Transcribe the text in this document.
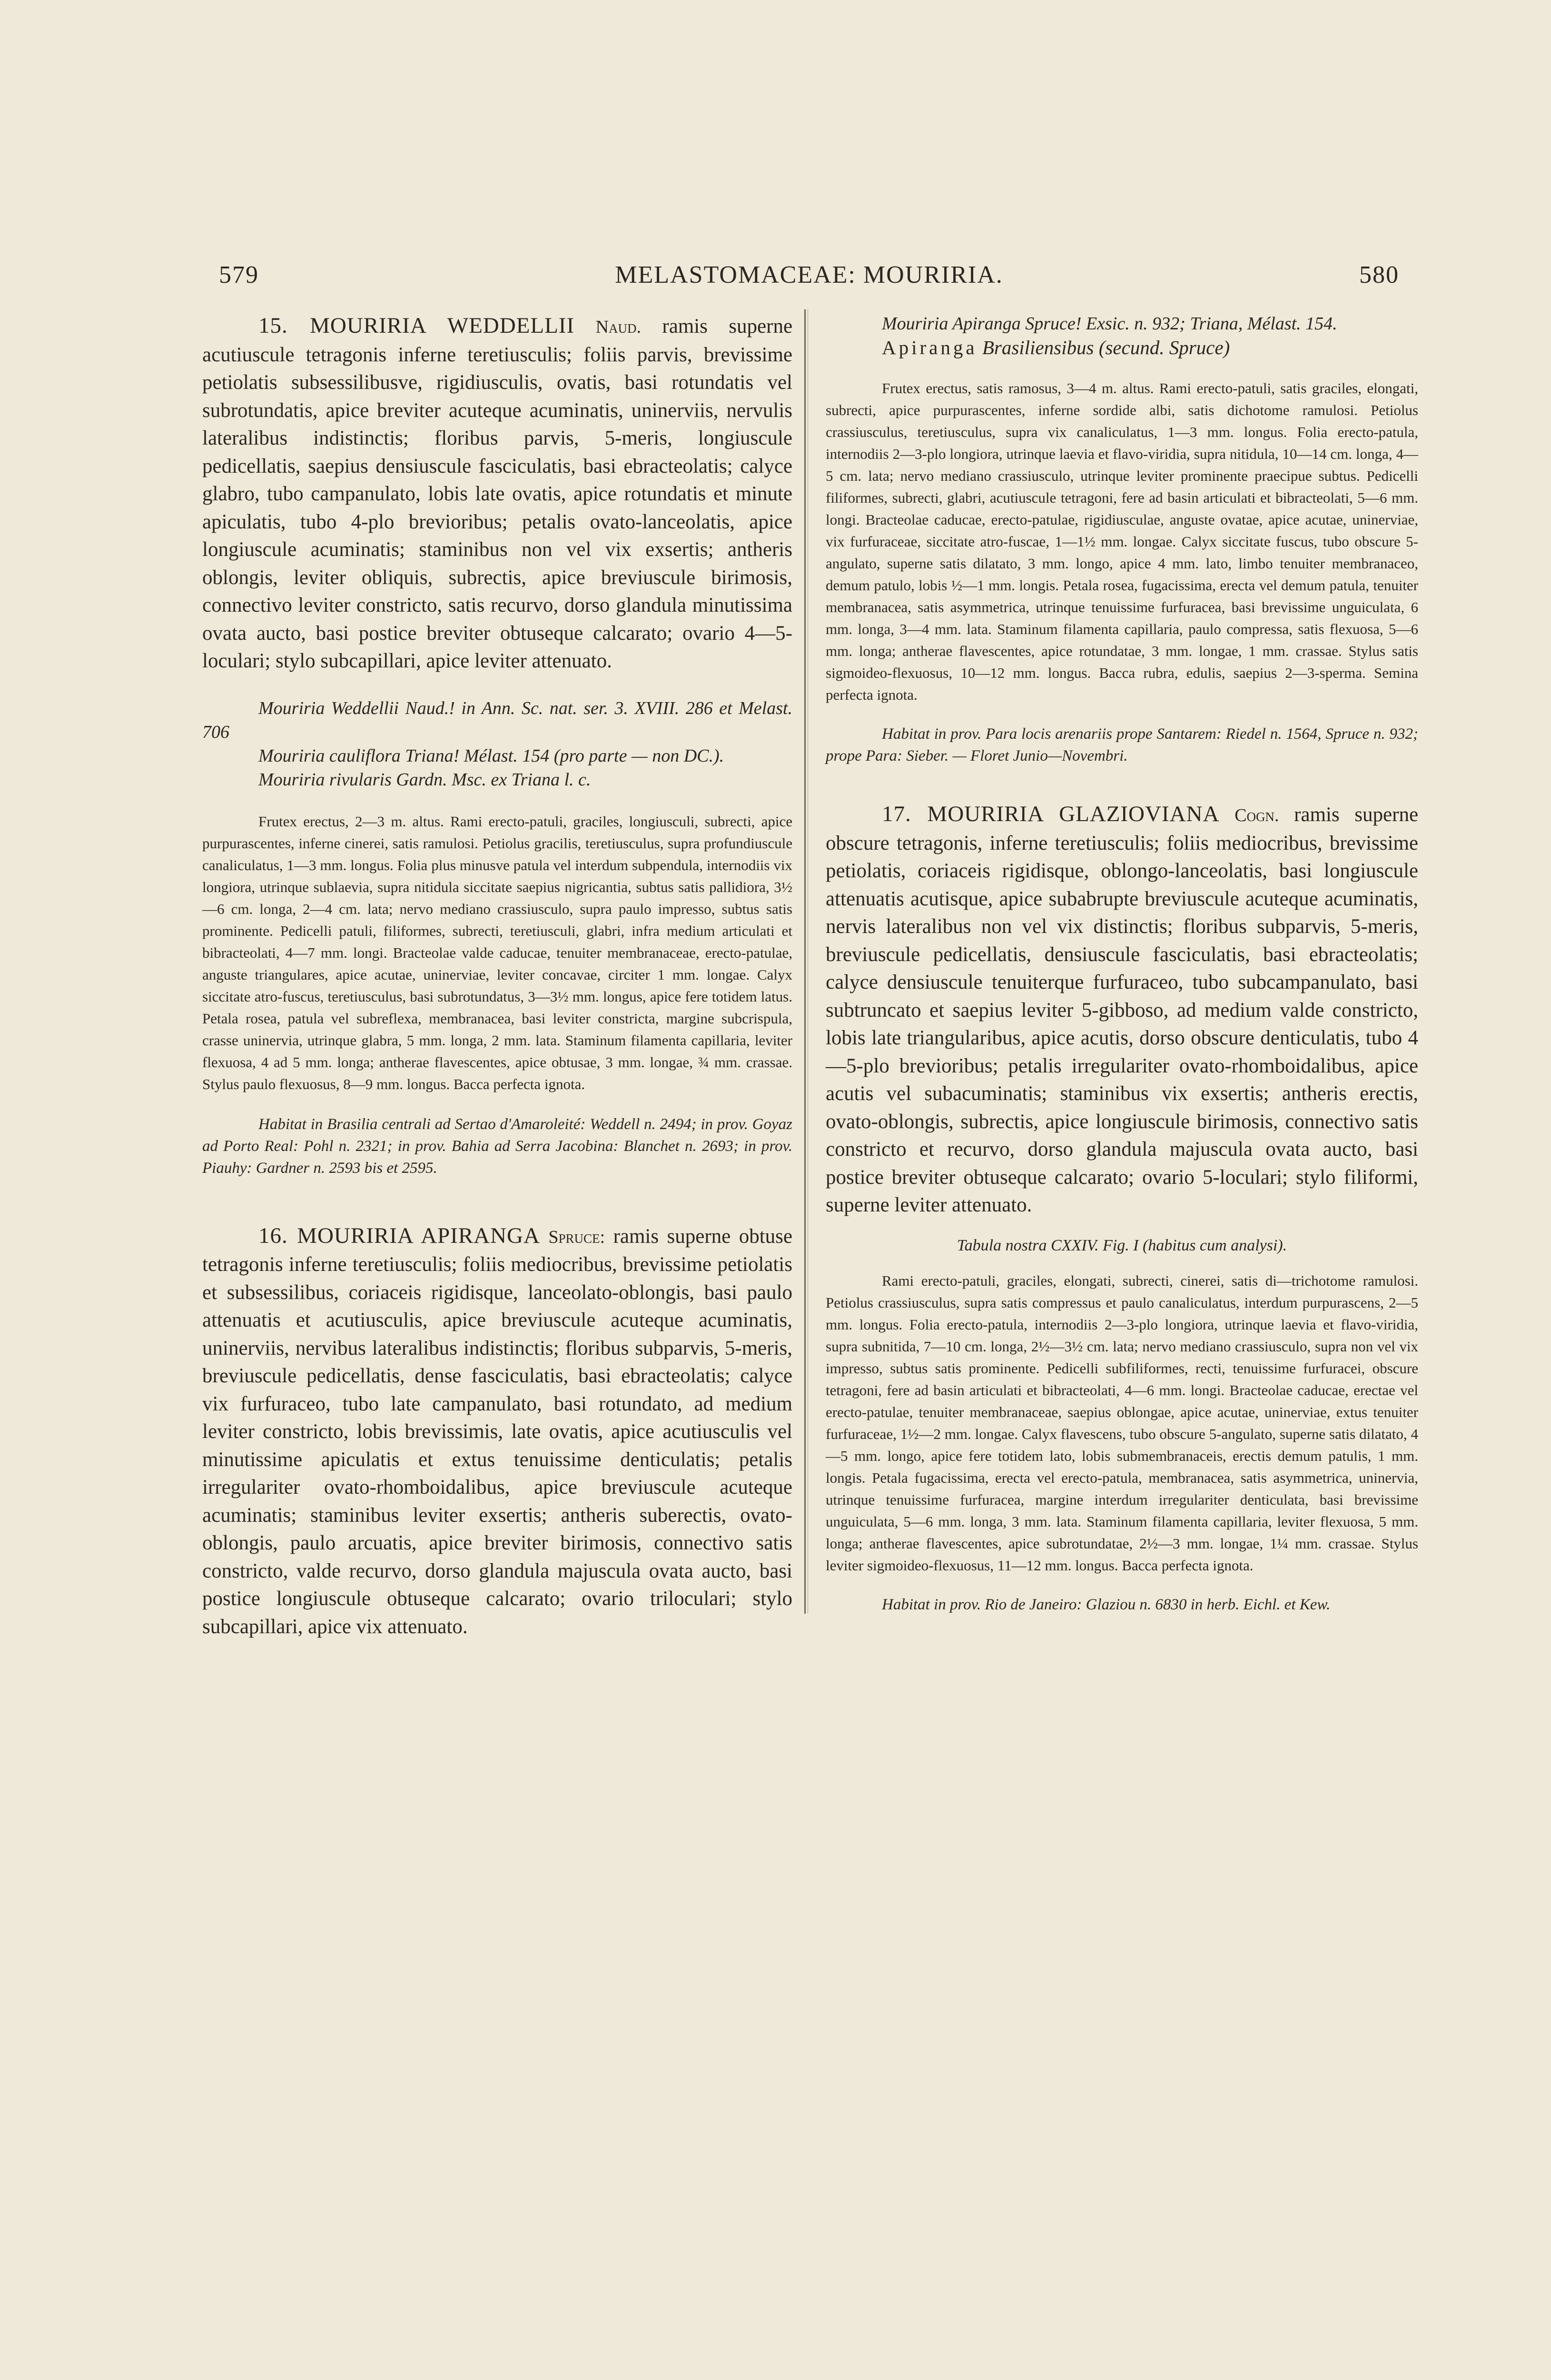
579	MELASTOMACEAE: MOURIRIA.	580

15. MOURIRIA WEDDELLII Naud. ramis superne acutiuscule tetragonis inferne teretiusculis; foliis parvis, brevissime petiolatis subsessilibusve, rigidiusculis, ovatis, basi rotundatis vel subrotundatis, apice breviter acuteque acuminatis, uninerviis, nervulis lateralibus indistinctis; floribus parvis, 5-meris, longiuscule pedicellatis, saepius densiuscule fasciculatis, basi ebracteolatis; calyce glabro, tubo campanulato, lobis late ovatis, apice rotundatis et minute apiculatis, tubo 4-plo brevioribus; petalis ovato-lanceolatis, apice longiuscule acuminatis; staminibus non vel vix exsertis; antheris oblongis, leviter obliquis, subrectis, apice breviuscule birimosis, connectivo leviter constricto, satis recurvo, dorso glandula minutissima ovata aucto, basi postice breviter obtuseque calcarato; ovario 4—5-loculari; stylo subcapillari, apice leviter attenuato.

Mouriria Weddellii Naud.! in Ann. Sc. nat. ser. 3. XVIII. 286 et Melast. 706

Mouriria cauliflora Triana! Mélast. 154 (pro parte — non DC.).

Mouriria rivularis Gardn. Msc. ex Triana l. c.

Frutex erectus, 2—3 m. altus. Rami erecto-patuli, graciles, longiusculi, subrecti, apice purpurascentes, inferne cinerei, satis ramulosi. Petiolus gracilis, teretiusculus, supra profundiuscule canaliculatus, 1—3 mm. longus. Folia plus minusve patula vel interdum subpendula, internodiis vix longiora, utrinque sublaevia, supra nitidula siccitate saepius nigricantia, subtus satis pallidiora, 3½—6 cm. longa, 2—4 cm. lata; nervo mediano crassiusculo, supra paulo impresso, subtus satis prominente. Pedicelli patuli, filiformes, subrecti, teretiusculi, glabri, infra medium articulati et bibracteolati, 4—7 mm. longi. Bracteolae valde caducae, tenuiter membranaceae, erecto-patulae, anguste triangulares, apice acutae, uninerviae, leviter concavae, circiter 1 mm. longae. Calyx siccitate atro-fuscus, teretiusculus, basi subrotundatus, 3—3½ mm. longus, apice fere totidem latus. Petala rosea, patula vel subreflexa, membranacea, basi leviter constricta, margine subcrispula, crasse uninervia, utrinque glabra, 5 mm. longa, 2 mm. lata. Staminum filamenta capillaria, leviter flexuosa, 4 ad 5 mm. longa; antherae flavescentes, apice obtusae, 3 mm. longae, ¾ mm. crassae. Stylus paulo flexuosus, 8—9 mm. longus. Bacca perfecta ignota.

Habitat in Brasilia centrali ad Sertao d'Amaroleité: Weddell n. 2494; in prov. Goyaz ad Porto Real: Pohl n. 2321; in prov. Bahia ad Serra Jacobina: Blanchet n. 2693; in prov. Piauhy: Gardner n. 2593 bis et 2595.

16. MOURIRIA APIRANGA Spruce: ramis superne obtuse tetragonis inferne teretiusculis; foliis mediocribus, brevissime petiolatis et subsessilibus, coriaceis rigidisque, lanceolato-oblongis, basi paulo attenuatis et acutiusculis, apice breviuscule acuteque acuminatis, uninerviis, nervibus lateralibus indistinctis; floribus subparvis, 5-meris, breviuscule pedicellatis, dense fasciculatis, basi ebracteolatis; calyce vix furfuraceo, tubo late campanulato, basi rotundato, ad medium leviter constricto, lobis brevissimis, late ovatis, apice acutiusculis vel minutissime apiculatis et extus tenuissime denticulatis; petalis irregulariter ovato-rhomboidalibus, apice breviuscule acuteque acuminatis; staminibus leviter exsertis; antheris suberectis, ovato-oblongis, paulo arcuatis, apice breviter birimosis, connectivo satis constricto, valde recurvo, dorso glandula majuscula ovata aucto, basi postice longiuscule obtuseque calcarato; ovario triloculari; stylo subcapillari, apice vix attenuato.

Mouriria Apiranga Spruce! Exsic. n. 932; Triana, Mélast. 154.

Apiranga Brasiliensibus (secund. Spruce)

Frutex erectus, satis ramosus, 3—4 m. altus. Rami erecto-patuli, satis graciles, elongati, subrecti, apice purpurascentes, inferne sordide albi, satis dichotome ramulosi. Petiolus crassiusculus, teretiusculus, supra vix canaliculatus, 1—3 mm. longus. Folia erecto-patula, internodiis 2—3-plo longiora, utrinque laevia et flavo-viridia, supra nitidula, 10—14 cm. longa, 4—5 cm. lata; nervo mediano crassiusculo, utrinque leviter prominente praecipue subtus. Pedicelli filiformes, subrecti, glabri, acutiuscule tetragoni, fere ad basin articulati et bibracteolati, 5—6 mm. longi. Bracteolae caducae, erecto-patulae, rigidiusculae, anguste ovatae, apice acutae, uninerviae, vix furfuraceae, siccitate atro-fuscae, 1—1½ mm. longae. Calyx siccitate fuscus, tubo obscure 5-angulato, superne satis dilatato, 3 mm. longo, apice 4 mm. lato, limbo tenuiter membranaceo, demum patulo, lobis ½—1 mm. longis. Petala rosea, fugacissima, erecta vel demum patula, tenuiter membranacea, satis asymmetrica, utrinque tenuissime furfuracea, basi brevissime unguiculata, 6 mm. longa, 3—4 mm. lata. Staminum filamenta capillaria, paulo compressa, satis flexuosa, 5—6 mm. longa; antherae flavescentes, apice rotundatae, 3 mm. longae, 1 mm. crassae. Stylus satis sigmoideo-flexuosus, 10—12 mm. longus. Bacca rubra, edulis, saepius 2—3-sperma. Semina perfecta ignota.

Habitat in prov. Para locis arenariis prope Santarem: Riedel n. 1564, Spruce n. 932; prope Para: Sieber. — Floret Junio—Novembri.

17. MOURIRIA GLAZIOVIANA Cogn. ramis superne obscure tetragonis, inferne teretiusculis; foliis mediocribus, brevissime petiolatis, coriaceis rigidisque, oblongo-lanceolatis, basi longiuscule attenuatis acutisque, apice subabrupte breviuscule acuteque acuminatis, nervis lateralibus non vel vix distinctis; floribus subparvis, 5-meris, breviuscule pedicellatis, densiuscule fasciculatis, basi ebracteolatis; calyce densiuscule tenuiterque furfuraceo, tubo subcampanulato, basi subtruncato et saepius leviter 5-gibboso, ad medium valde constricto, lobis late triangularibus, apice acutis, dorso obscure denticulatis, tubo 4—5-plo brevioribus; petalis irregulariter ovato-rhomboidalibus, apice acutis vel subacuminatis; staminibus vix exsertis; antheris erectis, ovato-oblongis, subrectis, apice longiuscule birimosis, connectivo satis constricto et recurvo, dorso glandula majuscula ovata aucto, basi postice breviter obtuseque calcarato; ovario 5-loculari; stylo filiformi, superne leviter attenuato.

Tabula nostra CXXIV. Fig. I (habitus cum analysi).

Rami erecto-patuli, graciles, elongati, subrecti, cinerei, satis di—trichotome ramulosi. Petiolus crassiusculus, supra satis compressus et paulo canaliculatus, interdum purpurascens, 2—5 mm. longus. Folia erecto-patula, internodiis 2—3-plo longiora, utrinque laevia et flavo-viridia, supra subnitida, 7—10 cm. longa, 2½—3½ cm. lata; nervo mediano crassiusculo, supra non vel vix impresso, subtus satis prominente. Pedicelli subfiliformes, recti, tenuissime furfuracei, obscure tetragoni, fere ad basin articulati et bibracteolati, 4—6 mm. longi. Bracteolae caducae, erectae vel erecto-patulae, tenuiter membranaceae, saepius oblongae, apice acutae, uninerviae, extus tenuiter furfuraceae, 1½—2 mm. longae. Calyx flavescens, tubo obscure 5-angulato, superne satis dilatato, 4—5 mm. longo, apice fere totidem lato, lobis submembranaceis, erectis demum patulis, 1 mm. longis. Petala fugacissima, erecta vel erecto-patula, membranacea, satis asymmetrica, uninervia, utrinque tenuissime furfuracea, margine interdum irregulariter denticulata, basi brevissime unguiculata, 5—6 mm. longa, 3 mm. lata. Staminum filamenta capillaria, leviter flexuosa, 5 mm. longa; antherae flavescentes, apice subrotundatae, 2½—3 mm. longae, 1¼ mm. crassae. Stylus leviter sigmoideo-flexuosus, 11—12 mm. longus. Bacca perfecta ignota.

Habitat in prov. Rio de Janeiro: Glaziou n. 6830 in herb. Eichl. et Kew.
